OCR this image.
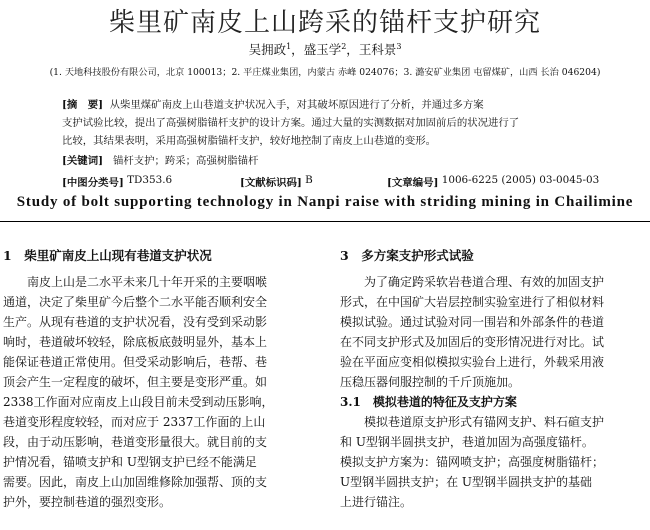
柴里矿南皮上山跨采的锚杆支护研究
吴拥政$^1$，盛玉学$^2$，王科景$^3$
(1. 天地科技股份有限公司，北京 100013；2. 平庄煤业集团，内蒙古 赤峰 024076；3. 潞安矿业集团 屯留煤矿，山西 长治 046204)
[摘　要] 从柴里煤矿南皮上山巷道支护状况入手，对其破坏原因进行了分析，并通过多方案
支护试验比较，提出了高强树脂锚杆支护的设计方案。通过大量的实测数据对加固前后的状况进行了
比较，其结果表明，采用高强树脂锚杆支护，较好地控制了南皮上山巷道的变形。
[关键词] 锚杆支护；跨采；高强树脂锚杆
[中图分类号] TD353.6	[文献标识码] B	[文章编号] 1006-6225 (2005) 03-0045-03
Study of bolt supporting technology in Nanpi raise with striding mining in Chailimine
1　柴里矿南皮上山现有巷道支护状况
　　南皮上山是二水平未来几十年开采的主要咽喉
通道，决定了柴里矿今后整个二水平能否顺利安全
生产。从现有巷道的支护状况看，没有受到采动影
响时，巷道破坏较轻，除底板底鼓明显外，基本上
能保证巷道正常使用。但受采动影响后，巷帮、巷
顶会产生一定程度的破坏，但主要是变形严重。如
2338工作面对应南皮上山段目前未受到动压影响，
巷道变形程度较轻，而对应于 2337工作面的上山
段，由于动压影响，巷道变形量很大。就目前的支
护情况看，锚喷支护和 U型钢支护已经不能满足
需要。因此，南皮上山加固维修除加强帮、顶的支
护外，要控制巷道的强烈变形。
3　多方案支护形式试验
　　为了确定跨采软岩巷道合理、有效的加固支护
形式，在中国矿大岩层控制实验室进行了相似材料
模拟试验。通过试验对同一围岩和外部条件的巷道
在不同支护形式及加固后的变形情况进行对比。试
验在平面应变相似模拟实验台上进行，外载采用液
压稳压器伺服控制的千斤顶施加。
3.1　模拟巷道的特征及支护方案
　　模拟巷道原支护形式有锚网支护、料石碹支护
和 U型钢半圆拱支护，巷道加固为高强度锚杆。
模拟支护方案为：锚网喷支护；高强度树脂锚杆；
U型钢半圆拱支护；在 U型钢半圆拱支护的基础
上进行锚注。
